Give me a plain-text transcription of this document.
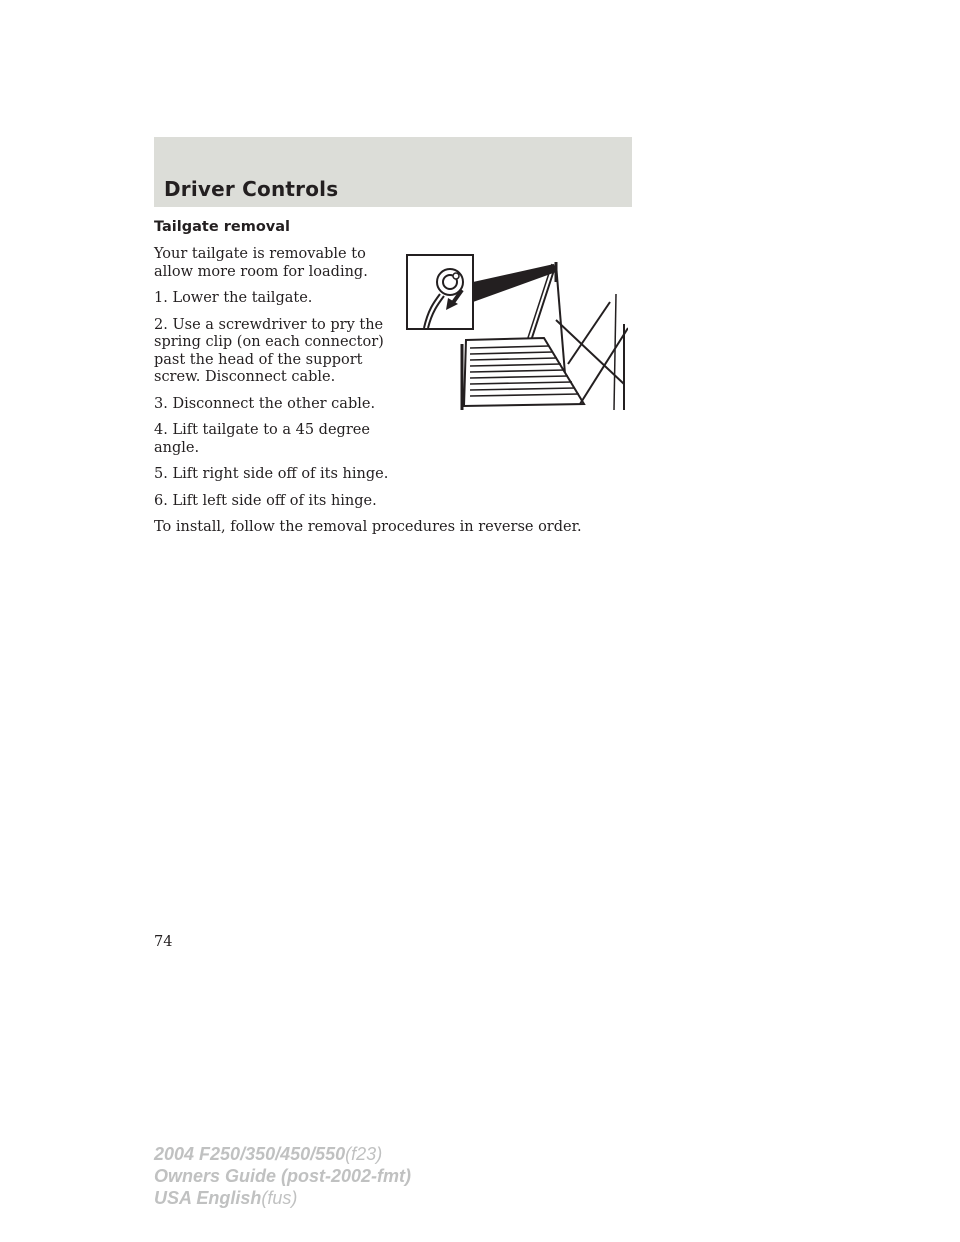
Driver Controls
Tailgate removal

Your tailgate is removable to allow more room for loading.

1. Lower the tailgate.

2. Use a screwdriver to pry the spring clip (on each connector) past the head of the support screw. Disconnect cable.

3. Disconnect the other cable.

4. Lift tailgate to a 45 degree angle.

5. Lift right side off of its hinge.

6. Lift left side off of its hinge.

To install, follow the removal procedures in reverse order.

74

2004 F250/350/450/550(f23)
Owners Guide (post-2002-fmt)
USA English(fus)
